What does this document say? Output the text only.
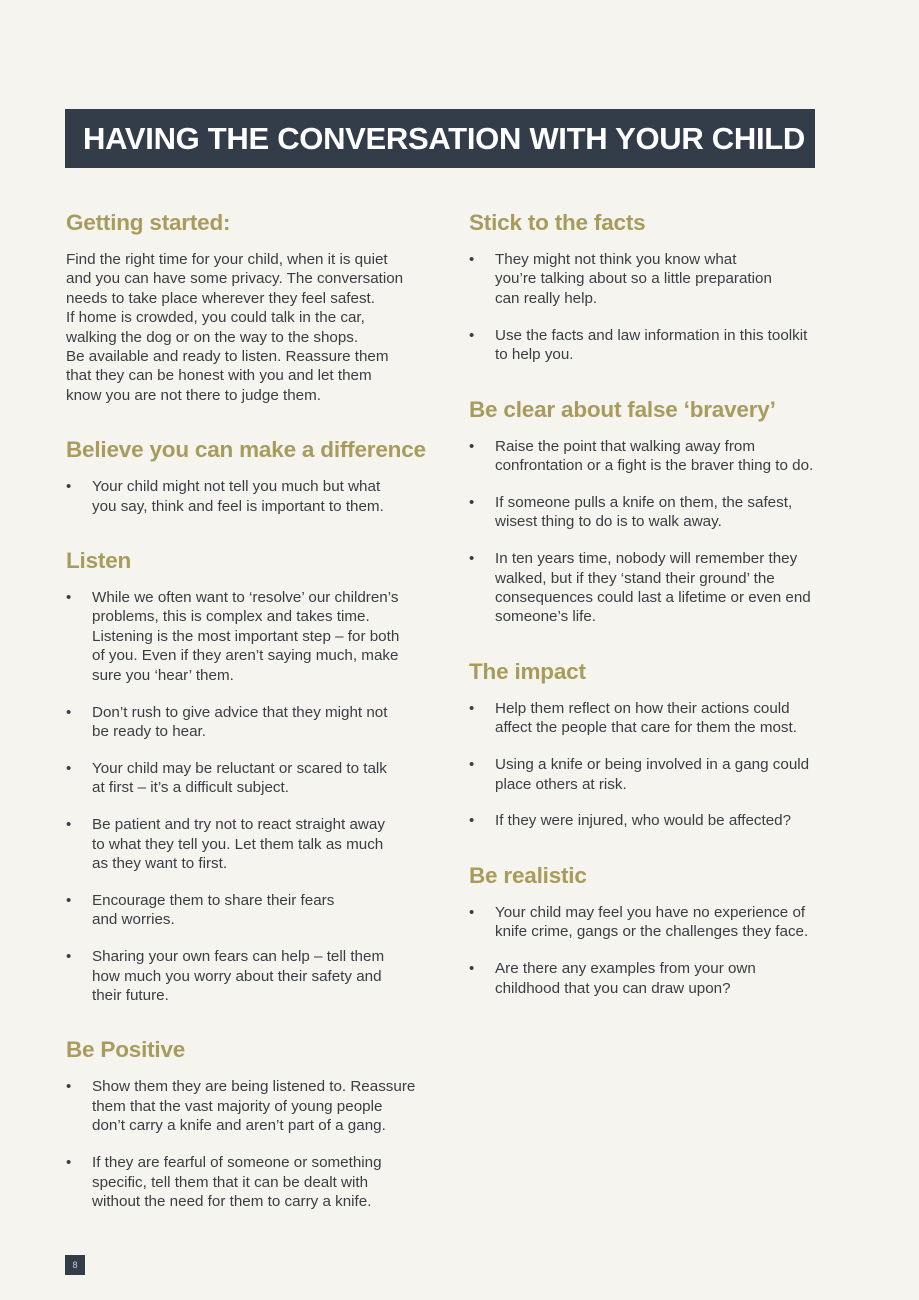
HAVING THE CONVERSATION WITH YOUR CHILD
Getting started:

Find the right time for your child, when it is quiet
and you can have some privacy. The conversation
needs to take place wherever they feel safest.
If home is crowded, you could talk in the car,
walking the dog or on the way to the shops.
Be available and ready to listen. Reassure them
that they can be honest with you and let them
know you are not there to judge them.

Believe you can make a difference
• Your child might not tell you much but what
you say, think and feel is important to them.
Listen
• While we often want to ‘resolve’ our children’s
problems, this is complex and takes time.
Listening is the most important step – for both
of you. Even if they aren’t saying much, make
sure you ‘hear’ them.
• Don’t rush to give advice that they might not
be ready to hear.
• Your child may be reluctant or scared to talk
at first – it’s a difficult subject.
• Be patient and try not to react straight away
to what they tell you. Let them talk as much
as they want to first.
• Encourage them to share their fears
and worries.
• Sharing your own fears can help – tell them
how much you worry about their safety and
their future.
Be Positive
• Show them they are being listened to. Reassure
them that the vast majority of young people
don’t carry a knife and aren’t part of a gang.
• If they are fearful of someone or something
specific, tell them that it can be dealt with
without the need for them to carry a knife.
Stick to the facts
• They might not think you know what
you’re talking about so a little preparation
can really help.
• Use the facts and law information in this toolkit
to help you.
Be clear about false ‘bravery’
• Raise the point that walking away from
confrontation or a fight is the braver thing to do.
• If someone pulls a knife on them, the safest,
wisest thing to do is to walk away.
• In ten years time, nobody will remember they
walked, but if they ‘stand their ground’ the
consequences could last a lifetime or even end
someone’s life.
The impact
• Help them reflect on how their actions could
affect the people that care for them the most.
• Using a knife or being involved in a gang could
place others at risk.
• If they were injured, who would be affected?
Be realistic
• Your child may feel you have no experience of
knife crime, gangs or the challenges they face.
• Are there any examples from your own
childhood that you can draw upon?
8
